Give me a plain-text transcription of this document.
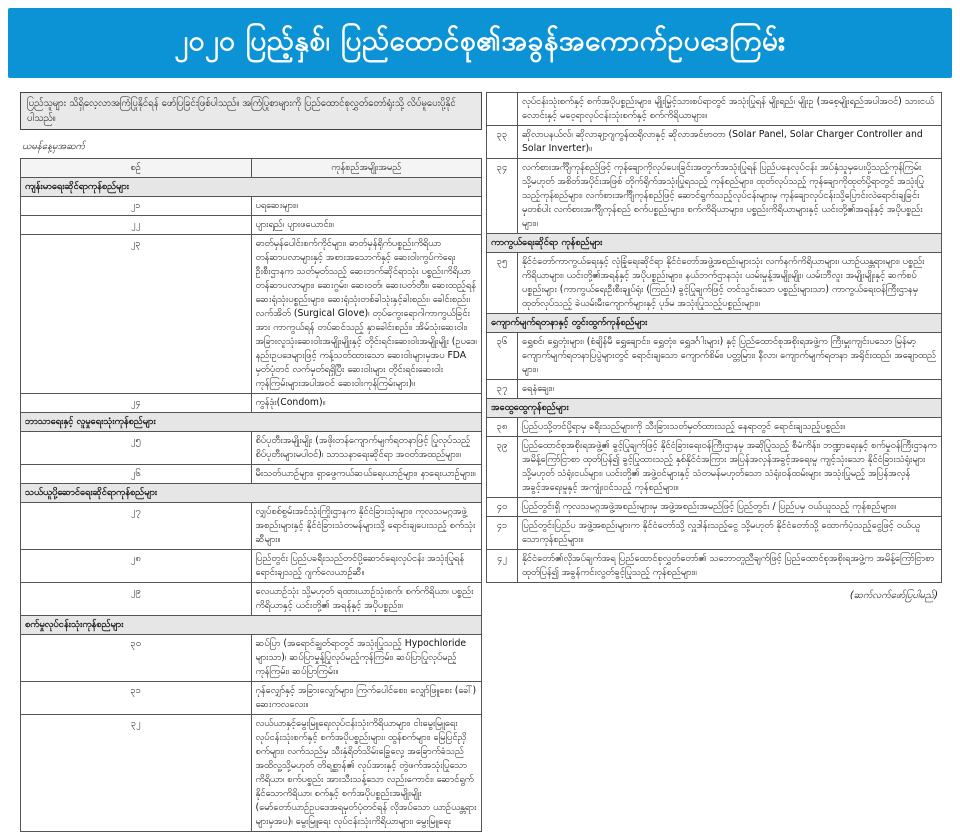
၂၀၂၀ ပြည့်နှစ်၊ ပြည်ထောင်စု၏အခွန်အကောက်ဥပဒေကြမ်း
ပြည်သူများ သိရှိလေ့လာအကြံပြုနိုင်ရန် ဖော်ပြခြင်းဖြစ်ပါသည်။ အကြံပြုစာများကို ပြည်ထောင်စုလွှတ်တော်ရုံးသို့ လိပ်မူပေးပို့နိုင်ပါသည်။
ယမန်နေ့မှအဆက်
စဉ်	ကုန်စည်အမျိုးအမည်
ကျန်းမာရေးဆိုင်ရာကုန်စည်များ	
၂၁	ပရဆေးများ။
၂၂	ပျားရည်၊ ပျားဖယောင်း။
၂၃	ဓာတ်မှန်ပေါင်းစက်ကိုင်များ၊ ဓာတ်မှန်ရိုက်ပစ္စည်းကိရိယာ တန်ဆာပလာများနှင့် အစားအသောက်နှင့် ဆေးဝါးကွပ်ကဲရေးဦးစီးဌာနက သတ်မှတ်သည့် ဆေးဘက်ဆိုင်ရာသုံး ပစ္စည်းကိရိယာတန်ဆာပလာများ၊ ဆေးဂွမ်း၊ ဆေးဝတ်၊ ဆေးပတ်တီး၊ ဆေးထည့်ရန် ဆေးရုံသုံးပစ္စည်းများ၊ ဆေးရုံသုံးတစ်ခါသုံးနှင့်ခါးစည်း၊ ခေါင်းစည်း၊ လက်အိတ် (Surgical Glove)၊ တုပ်ကွေးရောဂါကာကွယ်ခြင်းအား ကာကွယ်ရန် တပ်ဆင်သည့် နှာခေါင်းစည်း၊ အိမ်သုံးဆေးဝါး၊ အခြားလူသုံးဆေးဝါးအမျိုးမျိုးနှင့် တိုင်းရင်းဆေးဝါးအမျိုးမျိုး (ဥပဒေ၊ နည်းဥပဒေများဖြင့် ကန့်သတ်ထားသော ဆေးဝါးများမှအပ FDA မှတ်ပုံတင် လက်မှတ်ရရှိပြီး ဆေးဝါးများ တိုင်းရင်းဆေးဝါး ကုန်ကြမ်းများအပါအဝင် ဆေးဝါးကုန်ကြမ်းများ)။
၂၄	ကွန်ဒုံး(Condom)။
ဘာသာရေးနှင့် လူမှုရေးသုံးကုန်စည်များ	
၂၅	စိပ်ပုတီးအမျိုးမျိုး (အဖိုးတန်ကျောက်မျက်ရတနာဖြင့် ပြုလုပ်သည့် စိပ်ပုတီးများမပါဝင်)၊ သာသနာရေးဆိုင်ရာ အဝတ်အထည်များ။
၂၆	မီးသတ်ယာဉ်များ၊ ရှာဖွေကယ်ဆယ်ရေးယာဉ်များ၊ နာရေးယာဉ်များ။
သယ်ယူပို့ဆောင်ရေးဆိုင်ရာကုန်စည်များ	
၂၇	လျှပ်စစ်စွမ်းအင်သုံးကြိုးဌာနက နိုင်ငံခြားသုံးများ၊ ကုလသမဂ္ဂအဖွဲ့အစည်းများနှင့် နိုင်ငံခြားသံတမန်များသို့ ရောင်းချပေးသည့် စက်သုံးဆီများ။
၂၈	ပြည်တွင်း ပြည်ပခရီးသည်တင်ပို့ဆောင်ရေးလုပ်ငန်း အသုံးပြုရန်ရောင်းချသည့် ဂျက်လေယာဉ်ဆီ။
၂၉	လေယာဉ်သုံး သို့မဟုတ် ရထားယာဉ်သုံးစက်၊ စက်ကိရိယာ၊ ပစ္စည်းကိရိယာနှင့် ယင်းတို့၏ အရန်နှင့် အပိုပစ္စည်း။
စက်မှုလုပ်ငန်းသုံးကုန်စည်များ	
၃၀	ဆပ်ပြာ (အရောင်ချွတ်ရာတွင် အသုံးပြုသည့် Hypochloride များသာ)၊ ဆပ်ပြာမှုန့်ပြုလုပ်မည့်ကုန်ကြမ်း၊ ဆပ်ပြာပြုလုပ်မည့် ကုန်ကြမ်း၊ ဆပ်ပြာကြမ်း။
၃၁	ဂုန်လျှော်နှင့် အခြားလျှော်များ၊ ကြက်ပေါင်စေး၊ လျှော်ဖြူစေး (ခေါ်) ဆေးကလလေး။
၃၂	လယ်ယာနှင့်မွေးမြူရေးလုပ်ငန်းသုံးကိရိယာများ၊ ငါးမွေးမြူရေးလုပ်ငန်းသုံးစက်နှင့် စက်အပိုပစ္စည်းများ၊ ထွန်စက်များ၊ မြေပြင်ညှိစက်များ၊ လက်သည်မှ သီးနှံရိတ်သိမ်းခြွေလှေ့ အခြောက်ခံသည်အထိလူ့သို့မဟုတ် တိရစ္ဆာန်၏ လုပ်အားနှင့် တွဲဖက်အသုံးပြုသော ကိရိယာ၊ စက်ပစ္စည်း အားသီးသန့်သော လည်းကောင်း၊ ဆောင်ရွက်နိုင်သောကိရိယာ၊ စက်နှင့် စက်အပိုပစ္စည်းအမျိုးမျိုး (မော်တော်ယာဉ်ဥပဒေအရမှတ်ပုံတင်ရန် လိုအပ်သော ယာဉ်ယန္တရားများမှအပ)၊ မွေးမြူရေး လုပ်ငန်းသုံးကိရိယာများ၊ မွေးမြူရေး
	လုပ်ငန်းသုံးစက်နှင့် စက်အပိုပစ္စည်းများ၊ မျိုးမြှင့်သားစပ်ရာတွင် အသုံးပြုရန် မျိုးရည်၊ မျိုးဥ (အစေ့မျိုးရည်အပါအဝင်) သားငယ်လောင်းနှင့် မဝေ့ရာလုပ်ငန်းသုံးစက်နှင့် စက်ကိရိယာများ။
၃၃	ဆိုလာပနယ်လ်၊ ဆိုလာချာ့ဂျကွန်ထရိုလာနှင့် ဆိုလာအင်ဗာတာ (Solar Panel, Solar Charger Controller and Solar Inverter)။
၃၄	လက်စားအင်္ကျီကုန်စည်ဖြင့် ကုန်ချောကိုလုပ်ပေးခြင်းအတွက်အသုံးပြုရန် ပြည်ပနေလုပ်ငန်း အပ်နှံသူမှပေးပို့သည့်ကုန်ကြမ်း သို့မဟုတ် အစိတ်အပိုင်းအဖြစ် တိုက်ရိုက်အသုံးပြုရသည့် ကုန်စည်များ၊ ထုတ်လုပ်သည့် ကုန်ချောကိုထုတ်ပို့ရာတွင် အသုံးပြုသည့်ကုန်စည်များ၊ လက်စားအင်္ကျီကုန်စည်ဖြင့် ဆောင်ရွက်သည့်လုပ်ငန်းများမှ ကုန်ချောလုပ်ငန်းသို့ပြောင်းလဲရောင်းချခြင်းမှတစ်ပါး လက်စားအင်္ကျီကုန်စည် စက်ပစ္စည်းများ၊ စက်ကိရိယာများ၊ ပစ္စည်းကိရိယာများနှင့် ယင်းတို့၏အရန်နှင့် အပိုပစ္စည်းများ။
ကာကွယ်ရေးဆိုင်ရာ ကုန်စည်များ	
၃၅	နိုင်ငံတော်ကာကွယ်ရေးနှင့် လုံခြုံရေးဆိုင်ရာ နိုင်ငံတော်အဖွဲ့အစည်းများသုံး လက်နက်ကိရိယာများ၊ ယာဉ်ယန္တရားများ၊ ပစ္စည်းကိရိယာများ၊ ယင်းတို့၏အရန်နှင့် အပိုပစ္စည်းများ၊ နယ်ဘက်ဌာနသုံး ယမ်းမှုန့်အမျိုးမျိုး၊ ယမ်းဘီလူး အမျိုးမျိုးနှင့် ဆက်စပ်ပစ္စည်းများ (ကာကွယ်ရေးဦးစီးချုပ်ရုံး (ကြည်း) ခွင့်ပြုချက်ဖြင့် တင်သွင်းသော ပစ္စည်းများသာ) ကာကွယ်ရေးဝန်ကြီးဌာနမှ ထုတ်လုပ်သည့် ခဲယမ်းမီးကျောက်များနှင့် ပုဒ်မ အသုံးပြုသည့်ပစ္စည်းများ။
ကျောက်မျက်ရတနာနှင့် တွင်းထွက်ကုန်စည်များ	
၃၆	ရွှေစင်၊ ရွှေတုံးများ၊ (စံချိန်မီ ရွှေချောင်း၊ ရွှေတုံး၊ ရွှေဒင်္ဂါးများ) နှင့် ပြည်ထောင်စုအစိုးရအဖွဲ့က ကြီးမှူးကျင်းပသော မြန်မာ့ကျောက်မျက်ရတနာပြပွဲများတွင် ရောင်းချသော ကျောက်စိမ်း၊ ပတ္တမြား၊ နီလာ၊ ကျောက်မျက်ရတနာ အရိုင်းထည်၊ အချောထည်များ။
၃၇	ရေနံချေး။
အထွေထွေကုန်စည်များ	
၃၈	ပြည်ပသို့တင်ပို့ရာမှ ခရီးသည်များကို သီးခြားသတ်မှတ်ထားသည့် နေရာတွင် ရောင်းချသည့်ပစ္စည်း။
၃၉	ပြည်ထောင်စုအစိုးရအဖွဲ့၏ ခွင့်ပြုချက်ဖြင့် နိုင်ငံခြားရေးဝန်ကြီးဌာနမှ အဆိုပြုသည့် စီမံကိန်း၊ ဘဏ္ဍာရေးနှင့် စက်မှုဝန်ကြီးဌာနက အမိန့်ကြော်ငြာစာ ထုတ်ပြန်၍ ခွင့်ပြုထားသည့် နှစ်နိုင်ငံအကြား အပြန်အလှန်အခွင့်အရေးမူ ကျင့်သုံးသော နိုင်ငံခြားသံရုံးများ သို့မဟုတ် သံရုံးငယ်များ၊ ယင်းတို့၏ အဖွဲ့ဝင်များနှင့် သံတမန်မဟုတ်သော သံရုံးဝန်ထမ်းများ အသုံးပြုမည့် အပြန်အလှန်အခွင့်အရေးမူနှင့် အကျုံးဝင်သည့် ကုန်စည်များ။
၄၀	ပြည်တွင်းရှိ ကုလသမဂ္ဂအဖွဲ့အစည်းများမှ အဖွဲ့အစည်းအမည်ဖြင့် ပြည်တွင်း / ပြည်ပမှ ဝယ်ယူသည့် ကုန်စည်များ။
၄၁	ပြည်တွင်းပြည်ပ အဖွဲ့အစည်းများက နိုင်ငံတော်သို့ လှူဒါန်းသည့်ငွေ သို့မဟုတ် နိုင်ငံတော်သို့ ထောက်ပံ့သည့်ငွေဖြင့် ဝယ်ယူသောကုန်စည်များ။
၄၂	နိုင်ငံတော်၏လိုအပ်ချက်အရ ပြည်ထောင်စုလွှတ်တော်၏ သဘောတူညီချက်ဖြင့် ပြည်ထောင်စုအစိုးရအဖွဲ့က အမိန့်ကြော်ငြာစာထုတ်ပြန်၍ အခွန်ကင်းလွတ်ခွင့်ပြုသည့် ကုန်စည်များ။
(ဆက်လက်ဖော်ပြပါမည်)
